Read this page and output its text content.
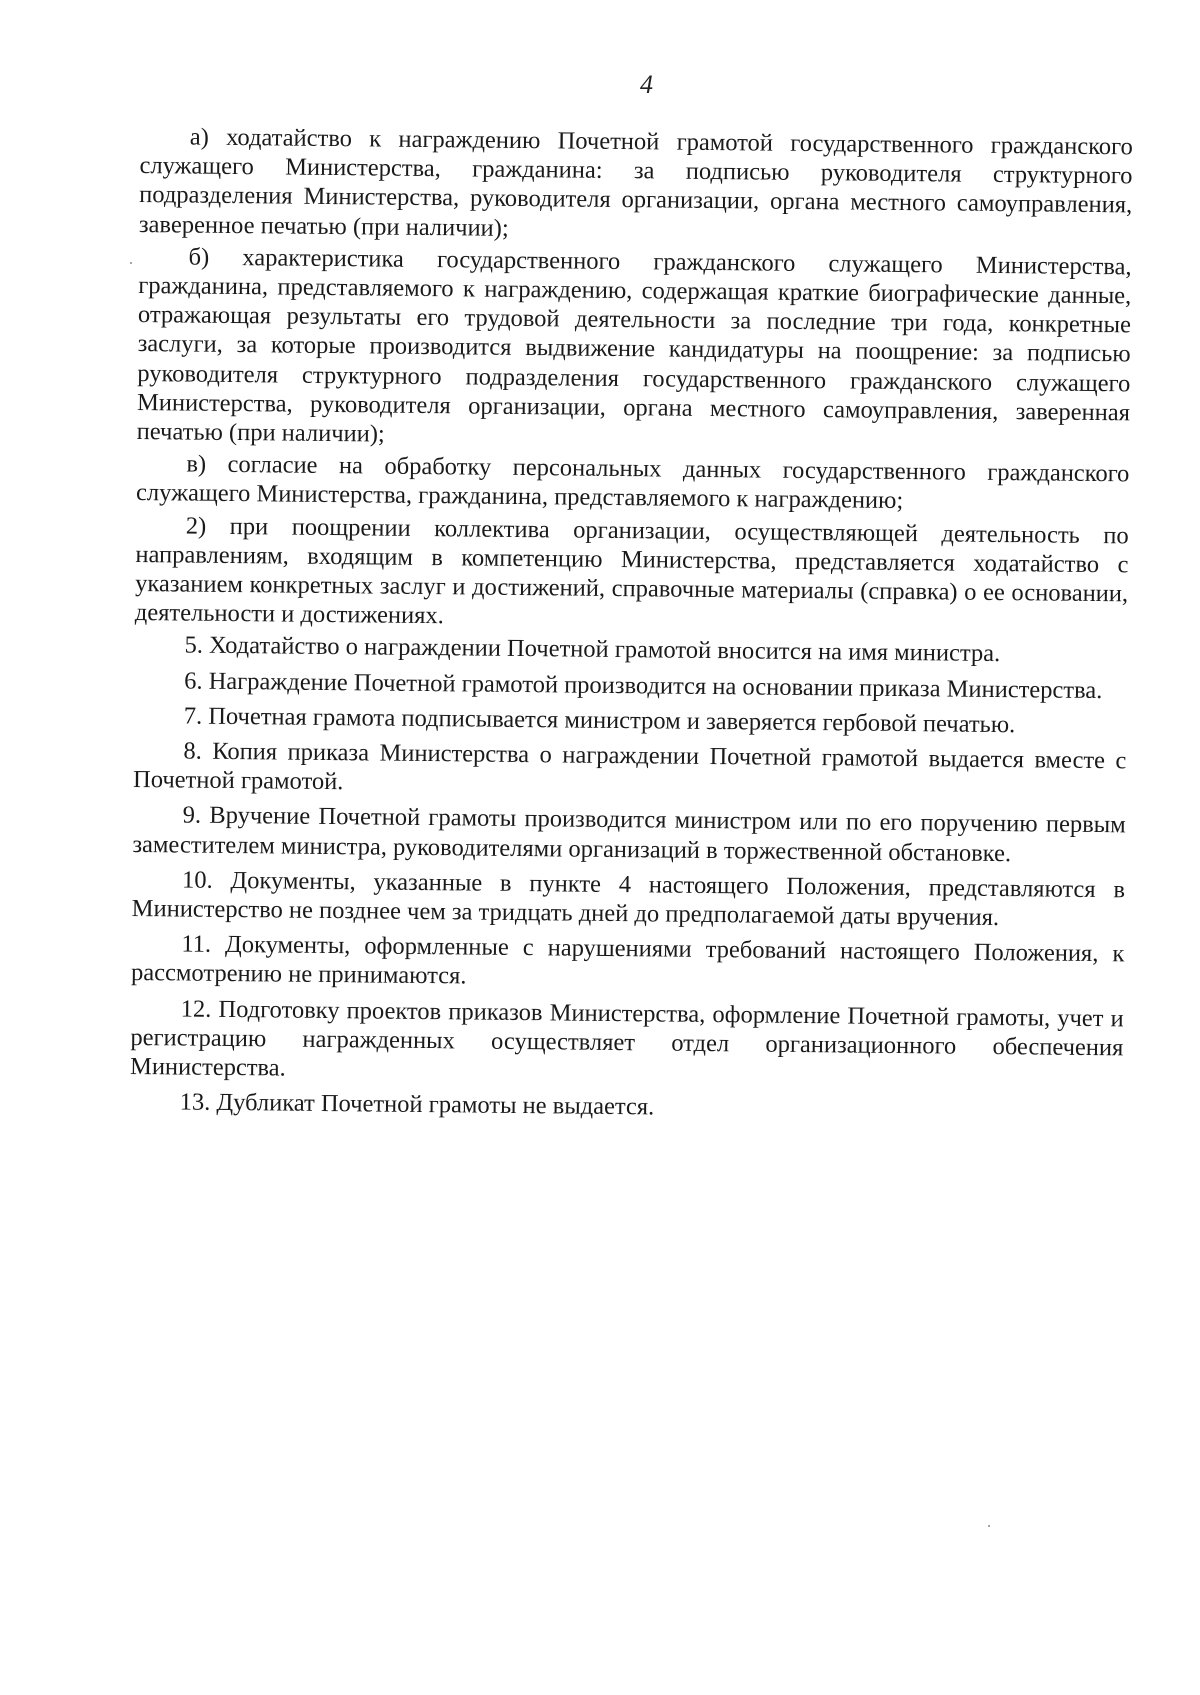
4

а) ходатайство к награждению Почетной грамотой государственного гражданского служащего Министерства, гражданина: за подписью руководителя структурного подразделения Министерства, руководителя организации, органа местного самоуправления, заверенное печатью (при наличии);

б) характеристика государственного гражданского служащего Министерства, гражданина, представляемого к награждению, содержащая краткие биографические данные, отражающая результаты его трудовой деятельности за последние три года, конкретные заслуги, за которые производится выдвижение кандидатуры на поощрение: за подписью руководителя структурного подразделения государственного гражданского служащего Министерства, руководителя организации, органа местного самоуправления, заверенная печатью (при наличии);

в) согласие на обработку персональных данных государственного гражданского служащего Министерства, гражданина, представляемого к награждению;

2) при поощрении коллектива организации, осуществляющей деятельность по направлениям, входящим в компетенцию Министерства, представляется ходатайство с указанием конкретных заслуг и достижений, справочные материалы (справка) о ее основании, деятельности и достижениях.

5. Ходатайство о награждении Почетной грамотой вносится на имя министра.

6. Награждение Почетной грамотой производится на основании приказа Министерства.

7. Почетная грамота подписывается министром и заверяется гербовой печатью.

8. Копия приказа Министерства о награждении Почетной грамотой выдается вместе с Почетной грамотой.

9. Вручение Почетной грамоты производится министром или по его поручению первым заместителем министра, руководителями организаций в торжественной обстановке.

10. Документы, указанные в пункте 4 настоящего Положения, представляются в Министерство не позднее чем за тридцать дней до предполагаемой даты вручения.

11. Документы, оформленные с нарушениями требований настоящего Положения, к рассмотрению не принимаются.

12. Подготовку проектов приказов Министерства, оформление Почетной грамоты, учет и регистрацию награжденных осуществляет отдел организационного обеспечения Министерства.

13. Дубликат Почетной грамоты не выдается.
